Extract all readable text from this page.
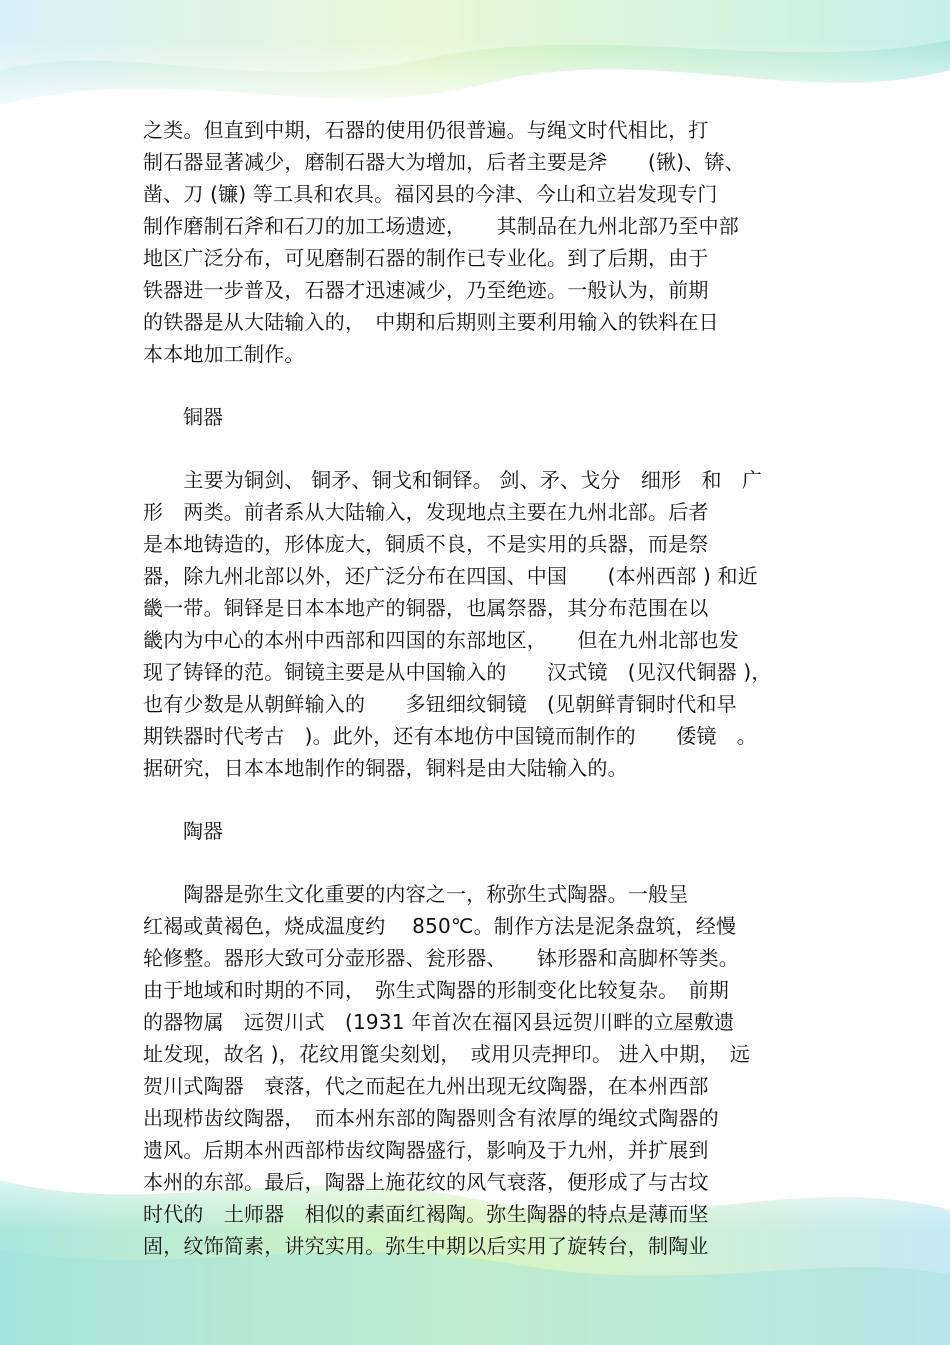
之类。但直到中期，石器的使用仍很普遍。与绳文时代相比，打
制石器显著减少，磨制石器大为增加，后者主要是斧　　(锹)、锛、
凿、刀 (镰) 等工具和农具。福冈县的今津、今山和立岩发现专门
制作磨制石斧和石刀的加工场遗迹，　　其制品在九州北部乃至中部
地区广泛分布，可见磨制石器的制作已专业化。到了后期，由于
铁器进一步普及，石器才迅速减少，乃至绝迹。一般认为，前期
的铁器是从大陆输入的，　中期和后期则主要利用输入的铁料在日
本本地加工制作。
　　铜器
　　主要为铜剑、 铜矛、铜戈和铜铎。 剑、矛、戈分　细形　和　广
形　两类。前者系从大陆输入，发现地点主要在九州北部。后者
是本地铸造的，形体庞大，铜质不良，不是实用的兵器，而是祭
器，除九州北部以外，还广泛分布在四国、中国　　(本州西部 ) 和近
畿一带。铜铎是日本本地产的铜器，也属祭器，其分布范围在以
畿内为中心的本州中西部和四国的东部地区，　　但在九州北部也发
现了铸铎的范。铜镜主要是从中国输入的　　汉式镜　(见汉代铜器 )，
也有少数是从朝鲜输入的　　多钮细纹铜镜　(见朝鲜青铜时代和早
期铁器时代考古　)。此外，还有本地仿中国镜而制作的　　倭镜　。
据研究，日本本地制作的铜器，铜料是由大陆输入的。
　　陶器
　　陶器是弥生文化重要的内容之一，称弥生式陶器。一般呈
红褐或黄褐色，烧成温度约　 850℃。制作方法是泥条盘筑，经慢
轮修整。器形大致可分壶形器、瓮形器、　　钵形器和高脚杯等类。
由于地域和时期的不同，　弥生式陶器的形制变化比较复杂。　前期
的器物属　远贺川式　(1931 年首次在福冈县远贺川畔的立屋敷遗
址发现，故名 )，花纹用篦尖刻划，　或用贝壳押印。 进入中期，　远
贺川式陶器　衰落，代之而起在九州出现无纹陶器，在本州西部
出现栉齿纹陶器，　而本州东部的陶器则含有浓厚的绳纹式陶器的
遗风。后期本州西部栉齿纹陶器盛行，影响及于九州，并扩展到
本州的东部。最后，陶器上施花纹的风气衰落，便形成了与古坟
时代的　土师器　相似的素面红褐陶。弥生陶器的特点是薄而坚
固，纹饰简素，讲究实用。弥生中期以后实用了旋转台，制陶业
